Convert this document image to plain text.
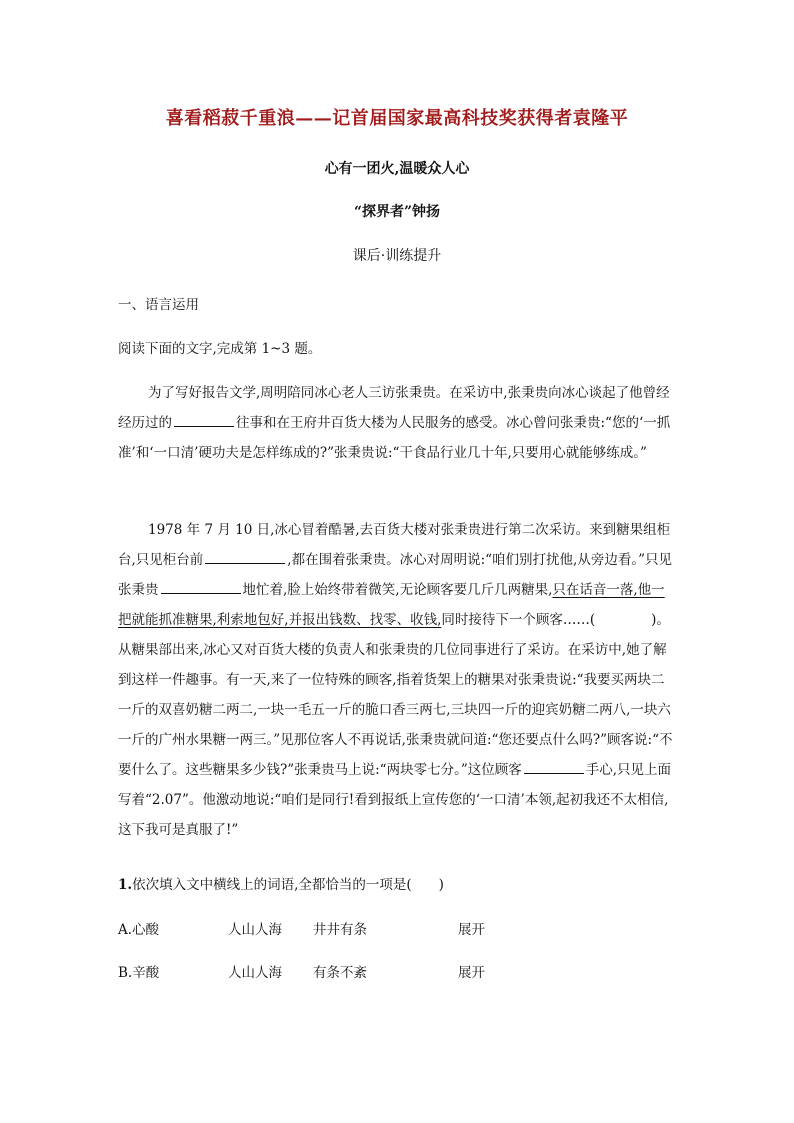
喜看稻菽千重浪——记首届国家最高科技奖获得者袁隆平
心有一团火,温暖众人心
“探界者”钟扬
课后·训练提升
一、语言运用
阅读下面的文字,完成第 1~3 题。
为了写好报告文学,周明陪同冰心老人三访张秉贵。在采访中,张秉贵向冰心谈起了他曾经经历过的	往事和在王府井百货大楼为人民服务的感受。冰心曾问张秉贵:“您的‘一抓准’和‘一口清’硬功夫是怎样练成的?”张秉贵说:“干食品行业几十年,只要用心就能够练成。”
1978 年 7 月 10 日,冰心冒着酷暑,去百货大楼对张秉贵进行第二次采访。来到糖果组柜台,只见柜台前	,都在围着张秉贵。冰心对周明说:“咱们别打扰他,从旁边看。”只见张秉贵	地忙着,脸上始终带着微笑,无论顾客要几斤几两糖果,只在话音一落,他一把就能抓准糖果,利索地包好,并报出钱数、找零、收钱,同时接待下一个顾客……(	)。从糖果部出来,冰心又对百货大楼的负责人和张秉贵的几位同事进行了采访。在采访中,她了解到这样一件趣事。有一天,来了一位特殊的顾客,指着货架上的糖果对张秉贵说:“我要买两块二一斤的双喜奶糖二两二,一块一毛五一斤的脆口香三两七,三块四一斤的迎宾奶糖二两八,一块六一斤的广州水果糖一两三。”见那位客人不再说话,张秉贵就问道:“您还要点什么吗?”顾客说:“不要什么了。这些糖果多少钱?”张秉贵马上说:“两块零七分。”这位顾客	手心,只见上面写着“2.07”。他激动地说:“咱们是同行!看到报纸上宣传您的‘一口清’本领,起初我还不太相信,这下我可是真服了!”
1.依次填入文中横线上的词语,全都恰当的一项是(　　)
A.心酸	人山人海	井井有条	展开
B.辛酸	人山人海	有条不紊	展开
